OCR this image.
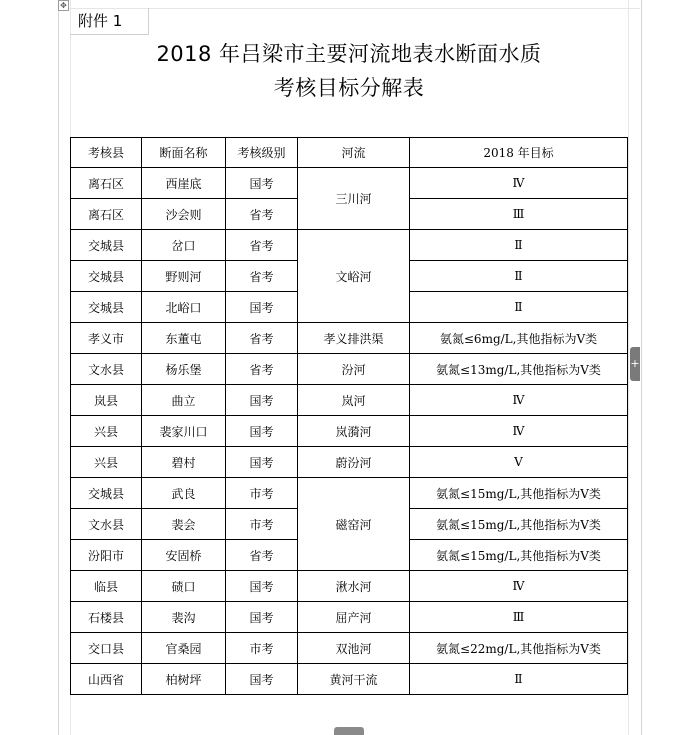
✥
附件 1
2018 年吕梁市主要河流地表水断面水质
考核目标分解表
考核县	断面名称	考核级别	河流	2018 年目标
离石区	西崖底	国考	三川河	Ⅳ
离石区	沙会则	省考		Ⅲ
交城县	岔口	省考	文峪河	Ⅱ
交城县	野则河	省考		Ⅱ
交城县	北峪口	国考		Ⅱ
孝义市	东董屯	省考	孝义排洪渠	氨氮≤6mg/L,其他指标为Ⅴ类
文水县	杨乐堡	省考	汾河	氨氮≤13mg/L,其他指标为Ⅴ类
岚县	曲立	国考	岚河	Ⅳ
兴县	裴家川口	国考	岚漪河	Ⅳ
兴县	碧村	国考	蔚汾河	Ⅴ
交城县	武良	市考	磁窑河	氨氮≤15mg/L,其他指标为Ⅴ类
文水县	裴会	市考		氨氮≤15mg/L,其他指标为Ⅴ类
汾阳市	安固桥	省考		氨氮≤15mg/L,其他指标为Ⅴ类
临县	碛口	国考	湫水河	Ⅳ
石楼县	裴沟	国考	屈产河	Ⅲ
交口县	官桑园	市考	双池河	氨氮≤22mg/L,其他指标为Ⅴ类
山西省	柏树坪	国考	黄河干流	Ⅱ
+
